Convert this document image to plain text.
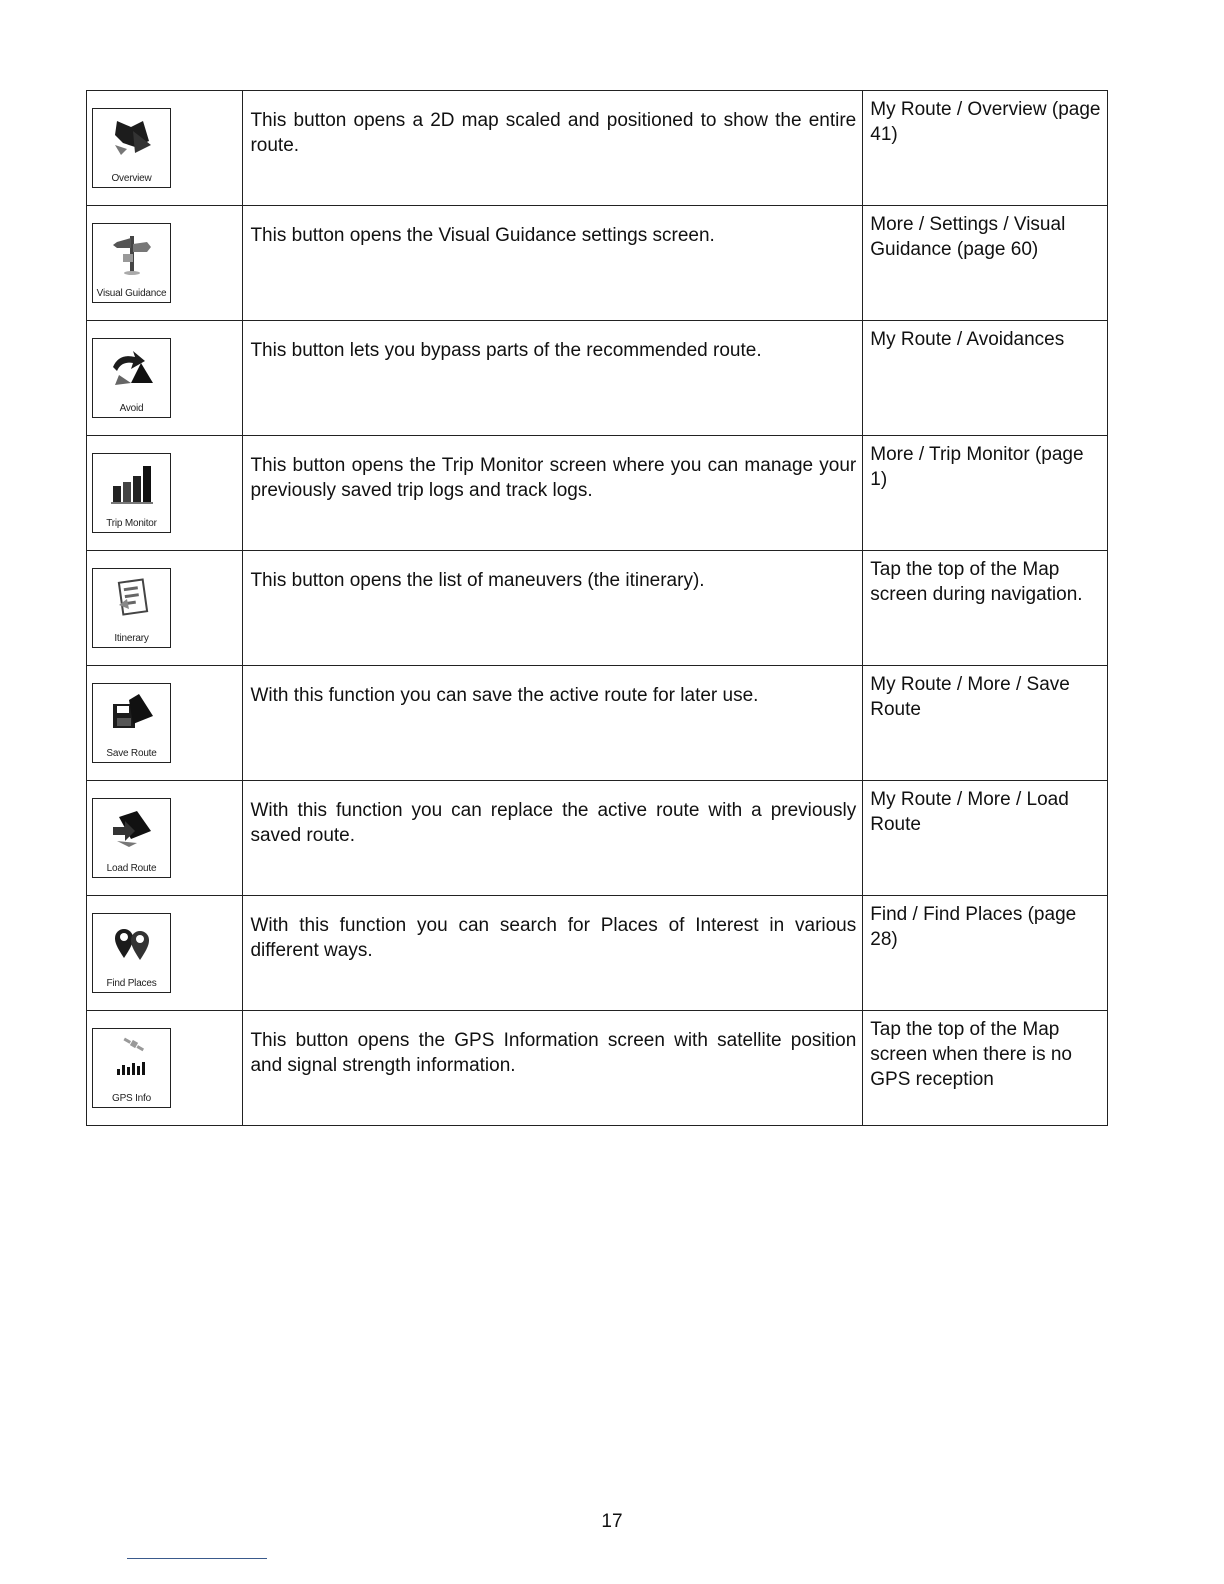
Overview	This button opens a 2D map scaled and positioned to show the entire route.	My Route / Overview (page 41)

Visual Guidance	This button opens the Visual Guidance settings screen.	More / Settings / Visual Guidance (page 60)

Avoid	This button lets you bypass parts of the recommended route.	My Route / Avoidances

Trip Monitor	This button opens the Trip Monitor screen where you can manage your previously saved trip logs and track logs.	More / Trip Monitor (page 1)

Itinerary	This button opens the list of maneuvers (the itinerary).	Tap the top of the Map screen during navigation.

Save Route	With this function you can save the active route for later use.	My Route / More / Save Route

Load Route	With this function you can replace the active route with a previously saved route.	My Route / More / Load Route

Find Places	With this function you can search for Places of Interest in various different ways.	Find / Find Places (page 28)

GPS Info	This button opens the GPS Information screen with satellite position and signal strength information.	Tap the top of the Map screen when there is no GPS reception
17
